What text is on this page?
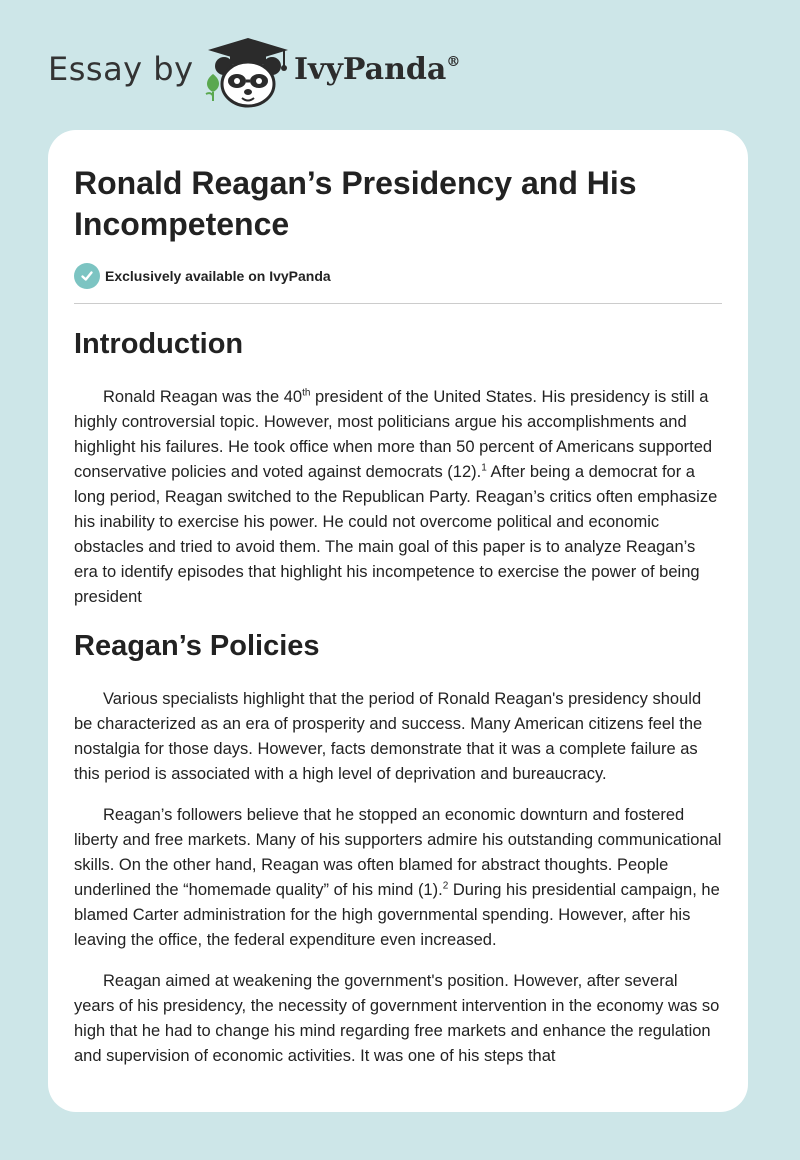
Essay by	IvyPanda®
Ronald Reagan’s Presidency and His Incompetence
Exclusively available on IvyPanda
Introduction

Ronald Reagan was the 40th president of the United States. His presidency is still a highly controversial topic. However, most politicians argue his accomplishments and highlight his failures. He took office when more than 50 percent of Americans supported conservative policies and voted against democrats (12).$^1$ After being a democrat for a long period, Reagan switched to the Republican Party. Reagan’s critics often emphasize his inability to exercise his power. He could not overcome political and economic obstacles and tried to avoid them. The main goal of this paper is to analyze Reagan’s era to identify episodes that highlight his incompetence to exercise the power of being president

Reagan’s Policies

Various specialists highlight that the period of Ronald Reagan's presidency should be characterized as an era of prosperity and success. Many American citizens feel the nostalgia for those days. However, facts demonstrate that it was a complete failure as this period is associated with a high level of deprivation and bureaucracy.

Reagan’s followers believe that he stopped an economic downturn and fostered liberty and free markets. Many of his supporters admire his outstanding communicational skills. On the other hand, Reagan was often blamed for abstract thoughts. People underlined the “homemade quality” of his mind (1).$^2$ During his presidential campaign, he blamed Carter administration for the high governmental spending. However, after his leaving the office, the federal expenditure even increased.

Reagan aimed at weakening the government's position. However, after several years of his presidency, the necessity of government intervention in the economy was so high that he had to change his mind regarding free markets and enhance the regulation and supervision of economic activities. It was one of his steps that
